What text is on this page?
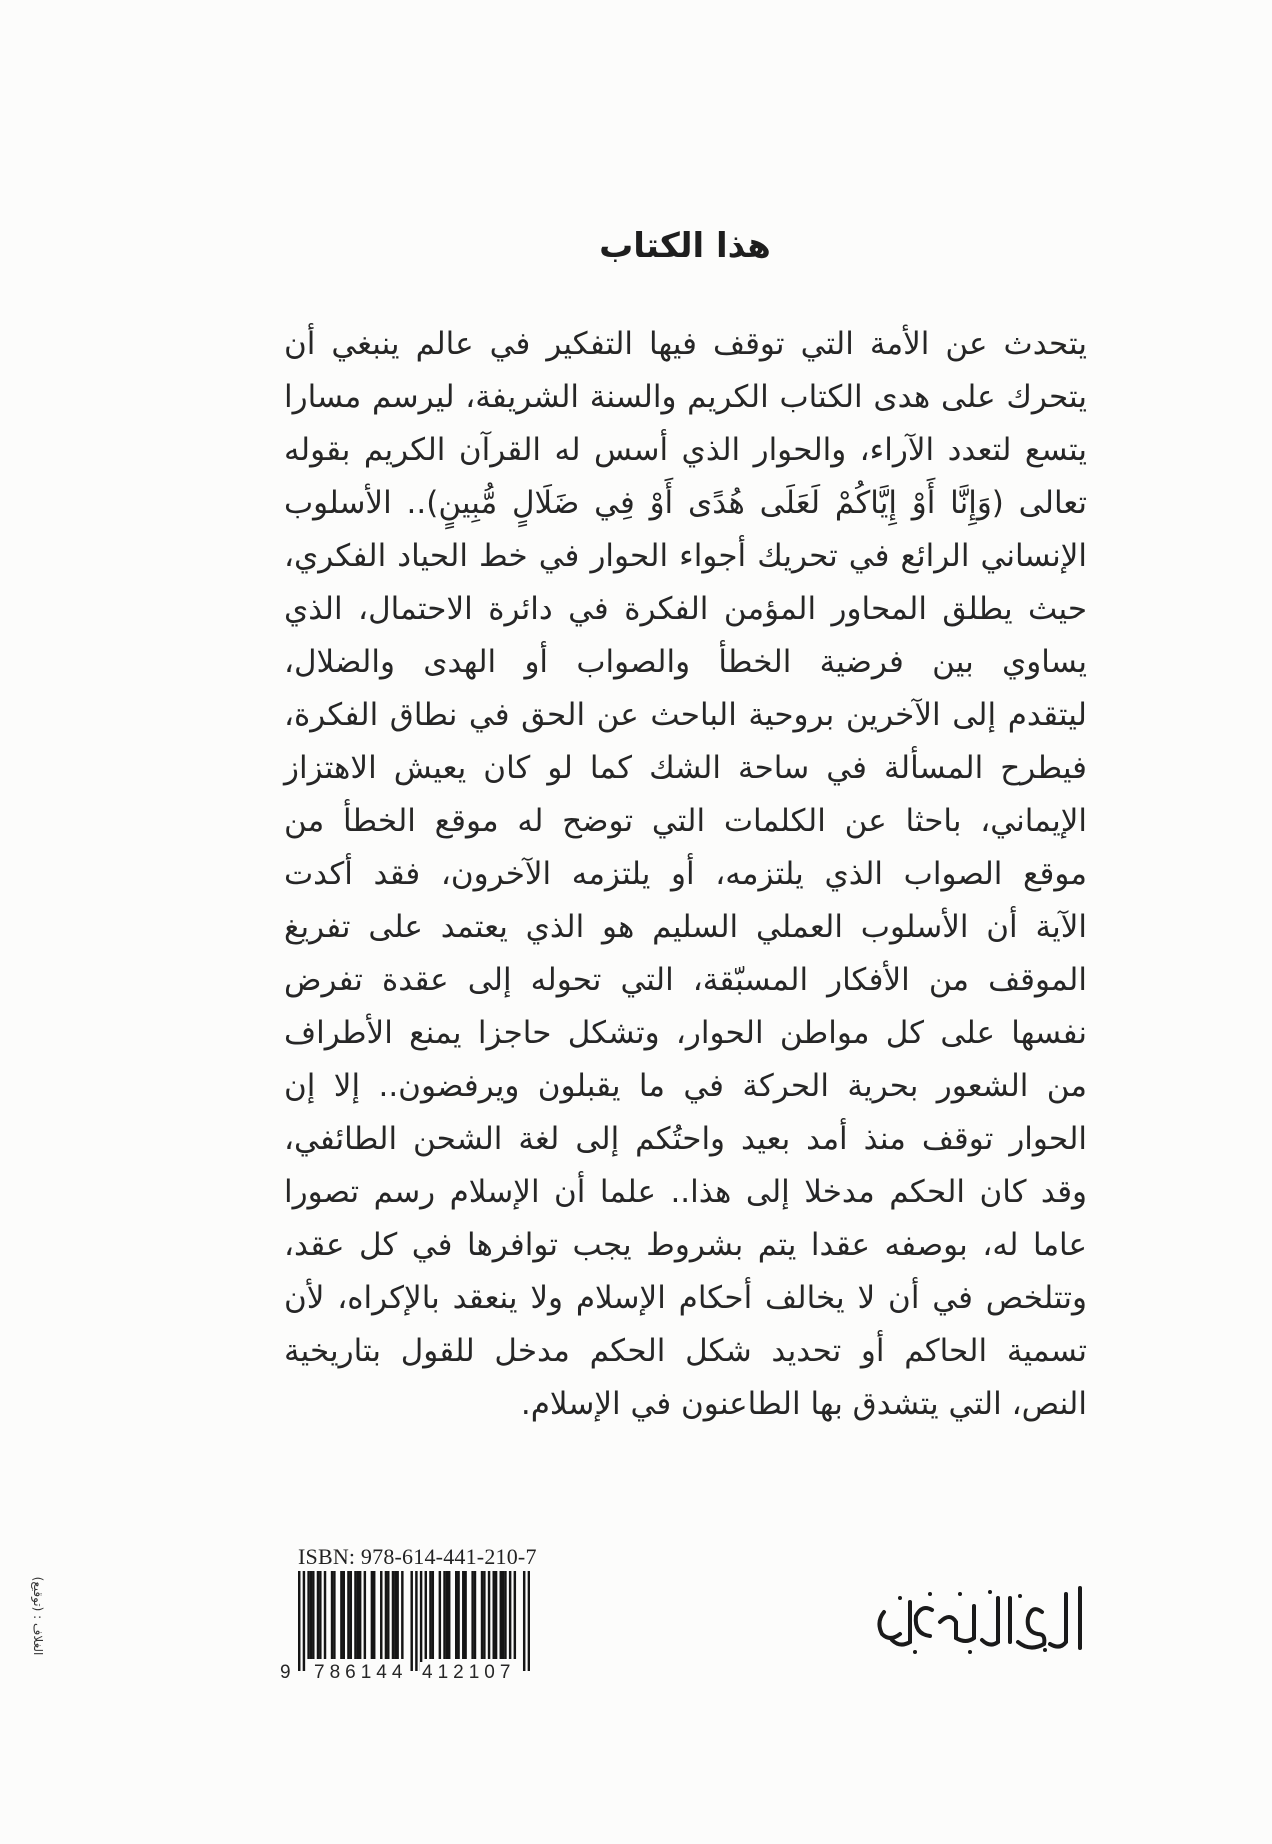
هذا الكتاب
يتحدث عن الأمة التي توقف فيها التفكير في عالم ينبغي أن
يتحرك على هدى الكتاب الكريم والسنة الشريفة، ليرسم مسارا
يتسع لتعدد الآراء، والحوار الذي أسس له القرآن الكريم بقوله
تعالى (وَإِنَّا أَوْ إِيَّاكُمْ لَعَلَى هُدًى أَوْ فِي ضَلَالٍ مُّبِينٍ).. الأسلوب
الإنساني الرائع في تحريك أجواء الحوار في خط الحياد الفكري،
حيث يطلق المحاور المؤمن الفكرة في دائرة الاحتمال، الذي
يساوي بين فرضية الخطأ والصواب أو الهدى والضلال،
ليتقدم إلى الآخرين بروحية الباحث عن الحق في نطاق الفكرة،
فيطرح المسألة في ساحة الشك كما لو كان يعيش الاهتزاز
الإيماني، باحثا عن الكلمات التي توضح له موقع الخطأ من
موقع الصواب الذي يلتزمه، أو يلتزمه الآخرون، فقد أكدت
الآية أن الأسلوب العملي السليم هو الذي يعتمد على تفريغ
الموقف من الأفكار المسبّقة، التي تحوله إلى عقدة تفرض
نفسها على كل مواطن الحوار، وتشكل حاجزا يمنع الأطراف
من الشعور بحرية الحركة في ما يقبلون ويرفضون.. إلا إن
الحوار توقف منذ أمد بعيد واحتُكم إلى لغة الشحن الطائفي،
وقد كان الحكم مدخلا إلى هذا.. علما أن الإسلام رسم تصورا
عاما له، بوصفه عقدا يتم بشروط يجب توافرها في كل عقد،
وتتلخص في أن لا يخالف أحكام الإسلام ولا ينعقد بالإكراه، لأن
تسمية الحاكم أو تحديد شكل الحكم مدخل للقول بتاريخية
النص، التي يتشدق بها الطاعنون في الإسلام.
ISBN: 978-614-441-210-7
9 786144 412107
الغلاف : (توقيع)
